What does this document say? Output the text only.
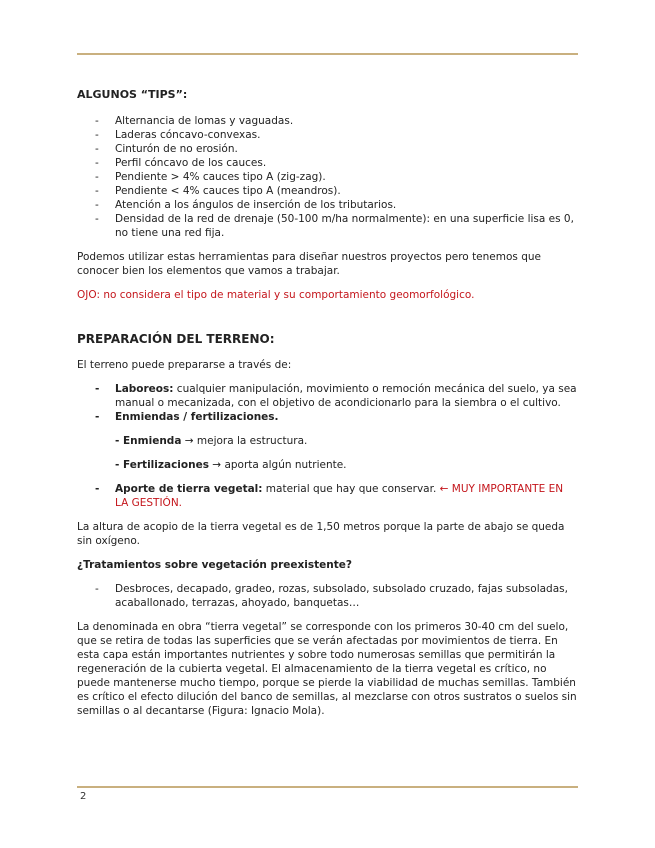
ALGUNOS “TIPS”:
- Alternancia de lomas y vaguadas.
- Laderas cóncavo-convexas.
- Cinturón de no erosión.
- Perfil cóncavo de los cauces.
- Pendiente > 4% cauces tipo A (zig-zag).
- Pendiente < 4% cauces tipo A (meandros).
- Atención a los ángulos de inserción de los tributarios.
- Densidad de la red de drenaje (50-100 m/ha normalmente): en una superficie lisa es 0, no tiene una red fija.

Podemos utilizar estas herramientas para diseñar nuestros proyectos pero tenemos que conocer bien los elementos que vamos a trabajar.

OJO: no considera el tipo de material y su comportamiento geomorfológico.

PREPARACIÓN DEL TERRENO:

El terreno puede prepararse a través de:

- Laboreos: cualquier manipulación, movimiento o remoción mecánica del suelo, ya sea manual o mecanizada, con el objetivo de acondicionarlo para la siembra o el cultivo.
- Enmiendas / fertilizaciones.
- Enmienda → mejora la estructura.
- Fertilizaciones → aporta algún nutriente.
- Aporte de tierra vegetal: material que hay que conservar. ← MUY IMPORTANTE EN LA GESTIÓN.

La altura de acopio de la tierra vegetal es de 1,50 metros porque la parte de abajo se queda sin oxígeno.

¿Tratamientos sobre vegetación preexistente?
- Desbroces, decapado, gradeo, rozas, subsolado, subsolado cruzado, fajas subsoladas, acaballonado, terrazas, ahoyado, banquetas…

La denominada en obra “tierra vegetal” se corresponde con los primeros 30-40 cm del suelo, que se retira de todas las superficies que se verán afectadas por movimientos de tierra. En esta capa están importantes nutrientes y sobre todo numerosas semillas que permitirán la regeneración de la cubierta vegetal. El almacenamiento de la tierra vegetal es crítico, no puede mantenerse mucho tiempo, porque se pierde la viabilidad de muchas semillas. También es crítico el efecto dilución del banco de semillas, al mezclarse con otros sustratos o suelos sin semillas o al decantarse (Figura: Ignacio Mola).

2
